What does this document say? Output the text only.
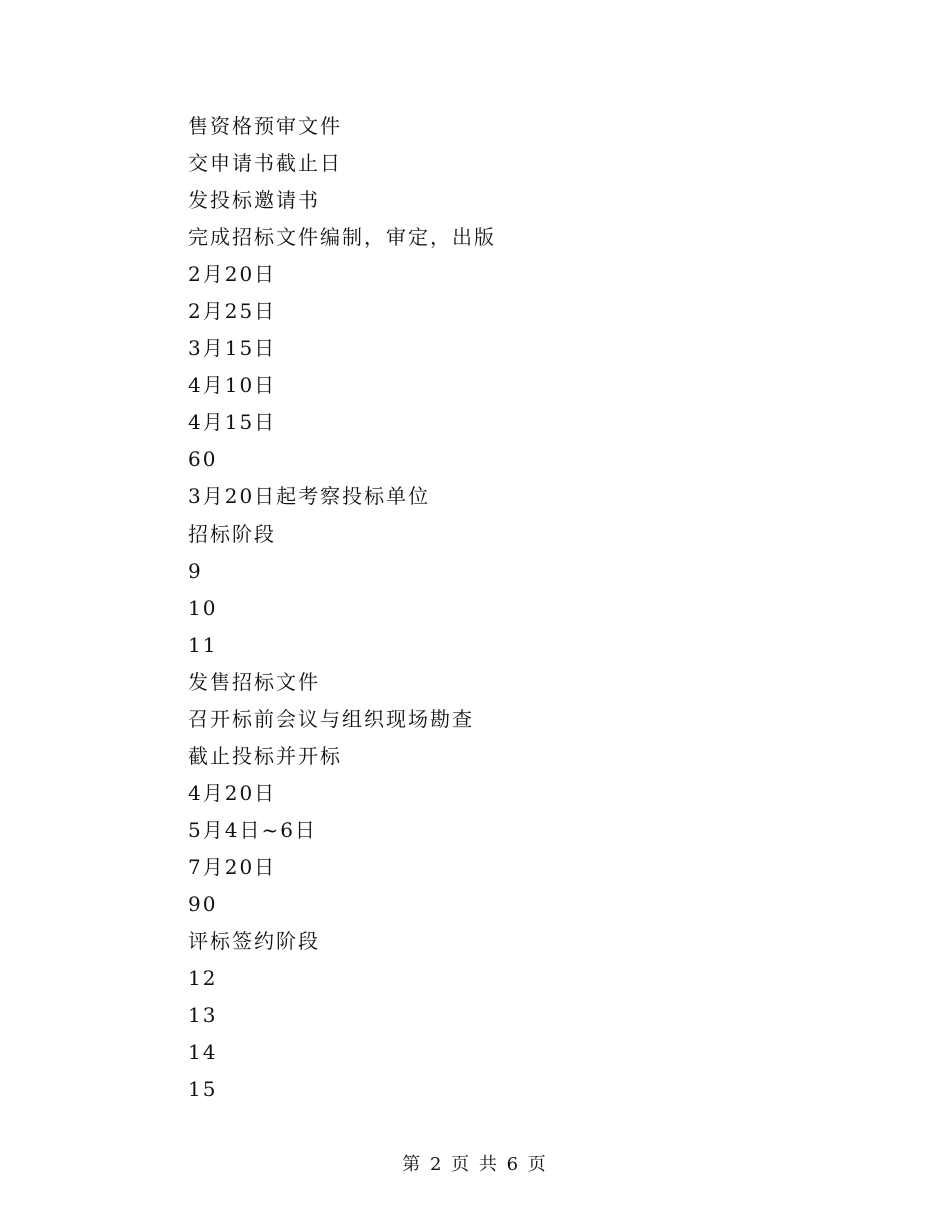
售资格预审文件
交申请书截止日
发投标邀请书
完成招标文件编制，审定，出版
2月20日
2月25日
3月15日
4月10日
4月15日
60
3月20日起考察投标单位
招标阶段
9
10
11
发售招标文件
召开标前会议与组织现场勘查
截止投标并开标
4月20日
5月4日~6日
7月20日
90
评标签约阶段
12
13
14
15
第 2 页 共 6 页
